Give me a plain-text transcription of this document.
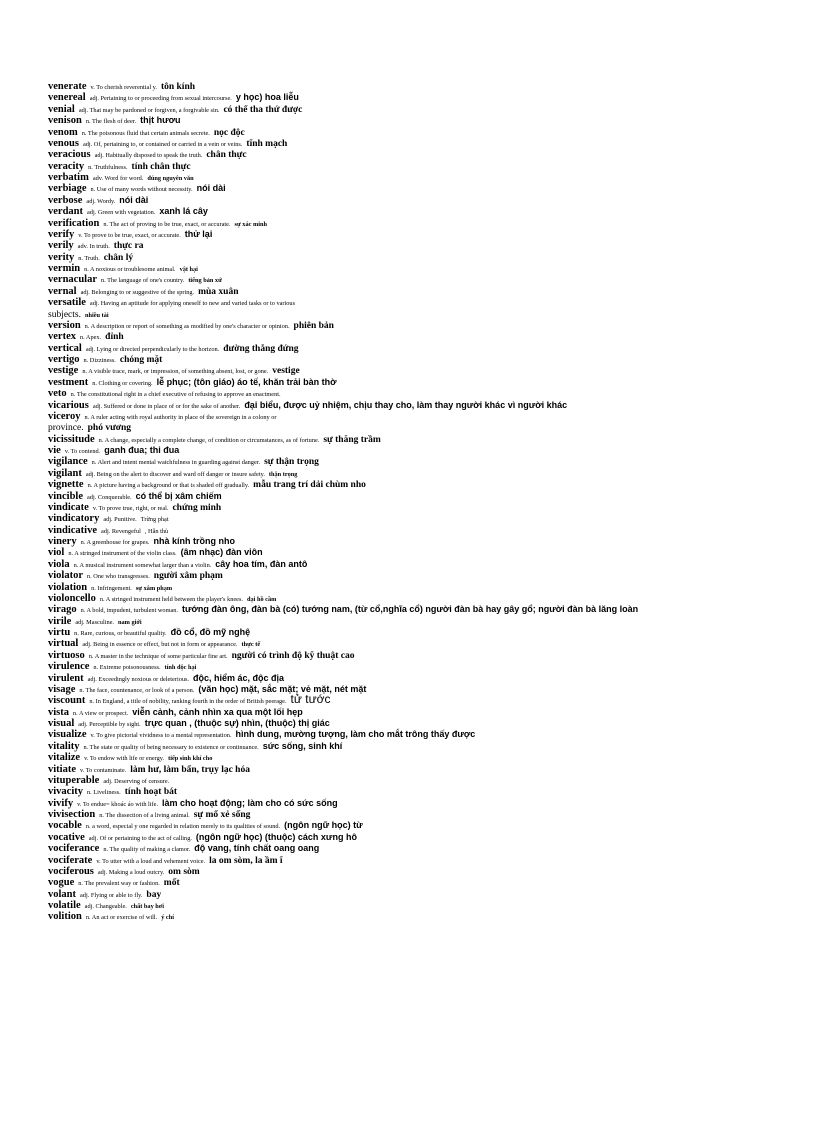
venerate v. To cherish reverential y. tôn kính
venereal adj. Pertaining to or proceeding from sexual intercourse. y học) hoa liễu
venial adj. That may be pardoned or forgiven, a forgivable sin. có thể tha thứ được
venison n. The flesh of deer. thịt hươu
venom n. The poisonous fluid that certain animals secrete. nọc độc
venous adj. Of, pertaining to, or contained or carried in a vein or veins. tĩnh mạch
veracious adj. Habitually disposed to speak the truth. chân thực
veracity n. Truthfulness. tính chân thực
verbatim adv. Word for word. đúng nguyên văn
verbiage n. Use of many words without necessity. nói dài
verbose adj. Wordy. nói dài
verdant adj. Green with vegetation. xanh lá cây
verification n. The act of proving to be true, exact, or accurate. sự xác minh
verify v. To prove to be true, exact, or accurate. thử lại
verily adv. In truth. thực ra
verity n. Truth. chân lý
vermin n. A noxious or troublesome animal. vật hại
vernacular n. The language of one's country. tiếng bản xứ
vernal adj. Belonging to or suggestive of the spring. mùa xuân
versatile adj. Having an aptitude for applying oneself to new and varied tasks or to various
subjects. nhiều tài
version n. A description or report of something as modified by one's character or opinion. phiên bản
vertex n. Apex. đỉnh
vertical adj. Lying or directed perpendicularly to the horizon. đường thẳng đứng
vertigo n. Dizziness. chóng mặt
vestige n. A visible trace, mark, or impression, of something absent, lost, or gone. vestige
vestment n. Clothing or covering. lễ phục; (tôn giáo) áo tế, khăn trải bàn thờ
veto n. The constitutional right in a chief executive of refusing to approve an enactment.
vicarious adj. Suffered or done in place of or for the sake of another. đại biểu, được uỷ nhiệm, chịu thay cho, làm thay người khác vì người khác
viceroy n. A ruler acting with royal authority in place of the sovereign in a colony or
province. phó vương
vicissitude n. A change, especially a complete change, of condition or circumstances, as of fortune. sự thăng trầm
vie v. To contend. ganh đua; thi đua
vigilance n. Alert and intent mental watchfulness in guarding against danger. sự thận trọng
vigilant adj. Being on the alert to discover and ward off danger or insure safety. thận trọng
vignette n. A picture having a background or that is shaded off gradually. mẫu trang trí dải chùm nho
vincible adj. Conquerable. có thể bị xâm chiếm
vindicate v. To prove true, right, or real. chứng minh
vindicatory adj. Punitive. Trừng phạt
vindicative adj. Revengeful , Hẫn thù
vinery n. A greenhouse for grapes. nhà kính trồng nho
viol n. A stringed instrument of the violin class. (âm nhạc) đàn viôn
viola n. A musical instrument somewhat larger than a violin. cây hoa tím, đàn antô
violator n. One who transgresses. người xâm phạm
violation n. Infringement. sự xâm phạm
violoncello n. A stringed instrument held between the player's knees. đại hồ cầm
virago n. A bold, impudent, turbulent woman. tướng đàn ông, đàn bà (có) tướng nam, (từ cổ,nghĩa cổ) người đàn bà hay gây gổ; người đàn bà lăng loàn
virile adj. Masculine. nam giới
virtu n. Rare, curious, or beautiful quality. đồ cổ, đồ mỹ nghệ
virtual adj. Being in essence or effect, but not in form or appearance. thực tế
virtuoso n. A master in the technique of some particular fine art. người có trình độ kỹ thuật cao
virulence n. Extreme poisonousness. tính độc hại
virulent adj. Exceedingly noxious or deleterious. độc, hiểm ác, độc địa
visage n. The face, countenance, or look of a person. (văn học) mặt, sắc mặt; vẻ mặt, nét mặt
viscount n. In England, a title of nobility, ranking fourth in the order of British peerage. tử tước
vista n. A view or prospect. viễn cảnh, cảnh nhìn xa qua một lối hẹp
visual adj. Perceptible by sight. trực quan , (thuộc sự) nhìn, (thuộc) thị giác
visualize v. To give pictorial vividness to a mental representation. hình dung, mường tượng, làm cho mắt trông thấy được
vitality n. The state or quality of being necessary to existence or continuance. sức sống, sinh khí
vitalize v. To endow with life or energy. tiếp sinh khí cho
vitiate v. To contaminate. làm hư, làm bẩn, trụy lạc hóa
vituperable adj. Deserving of censure.
vivacity n. Liveliness. tính hoạt bát
vivify v. To endue= khoác áo with life. làm cho hoạt động; làm cho có sức sống
vivisection n. The dissection of a living animal. sự mổ xẻ sống
vocable n. a word, especial y one regarded in relation merely to its qualities of sound. (ngôn ngữ học) từ
vocative adj. Of or pertaining to the act of calling. (ngôn ngữ học) (thuộc) cách xưng hô
vociferance n. The quality of making a clamor. độ vang, tính chất oang oang
vociferate v. To utter with a loud and vehement voice. la om sòm, la ầm ĩ
vociferous adj. Making a loud outcry. om sòm
vogue n. The prevalent way or fashion. mốt
volant adj. Flying or able to fly. bay
volatile adj. Changeable. chất bay hơi
volition n. An act or exercise of will. ý chí
